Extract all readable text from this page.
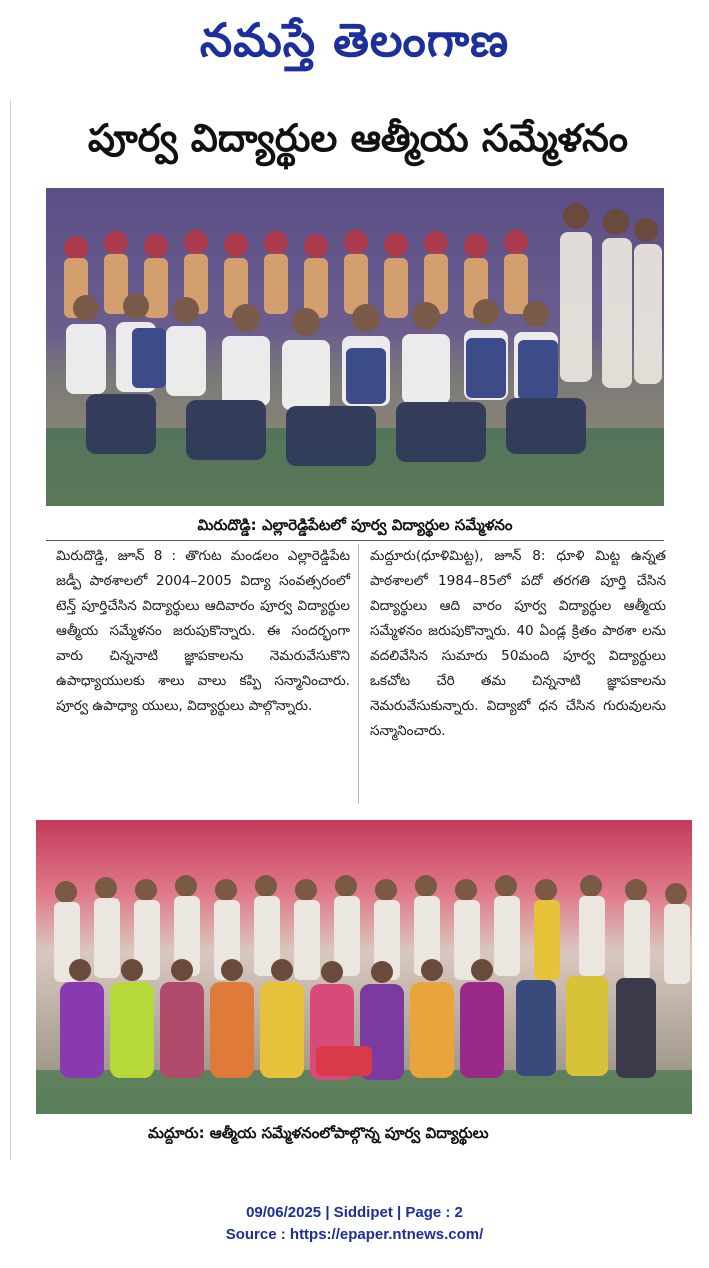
నమస్తే తెలంగాణ
పూర్వ విద్యార్థుల ఆత్మీయ సమ్మేళనం
మిరుదొడ్డి: ఎల్లారెడ్డిపేటలో పూర్వ విద్యార్థుల సమ్మేళనం
మిరుదొడ్డి, జూన్ 8 : తొగుట మండలం ఎల్లారెడ్డిపేట జడ్పీ పాఠశాలలో 2004–2005 విద్యా సంవత్సరంలో టెన్త్ పూర్తిచేసిన విద్యార్థులు ఆదివారం పూర్వ విద్యార్థుల ఆత్మీయ సమ్మేళనం జరుపుకొన్నారు. ఈ సందర్భంగా వారు చిన్ననాటి జ్ఞాపకాలను నెమరువేసుకొని ఉపాధ్యాయులకు శాలు వాలు కప్పి సన్మానించారు. పూర్వ ఉపాధ్యా యులు, విద్యార్థులు పాల్గొన్నారు.
మద్దూరు(ధూళిమిట్ట), జూన్ 8: ధూళి మిట్ట ఉన్నత పాఠశాలలో 1984–85లో పదో తరగతి పూర్తి చేసిన విద్యార్థులు ఆది వారం పూర్వ విద్యార్థుల ఆత్మీయ సమ్మేళనం జరుపుకొన్నారు. 40 ఏండ్ల క్రితం పాఠశా లను వదలివేసిన సుమారు 50మంది పూర్వ విద్యార్థులు ఒకచోట చేరి తమ చిన్ననాటి జ్ఞాపకాలను నెమరువేసుకున్నారు. విద్యాబో ధన చేసిన గురువులను సన్మానించారు.
మద్దూరు: ఆత్మీయ సమ్మేళనంలోపాల్గొన్న పూర్వ విద్యార్థులు
09/06/2025 | Siddipet | Page : 2
Source : https://epaper.ntnews.com/
